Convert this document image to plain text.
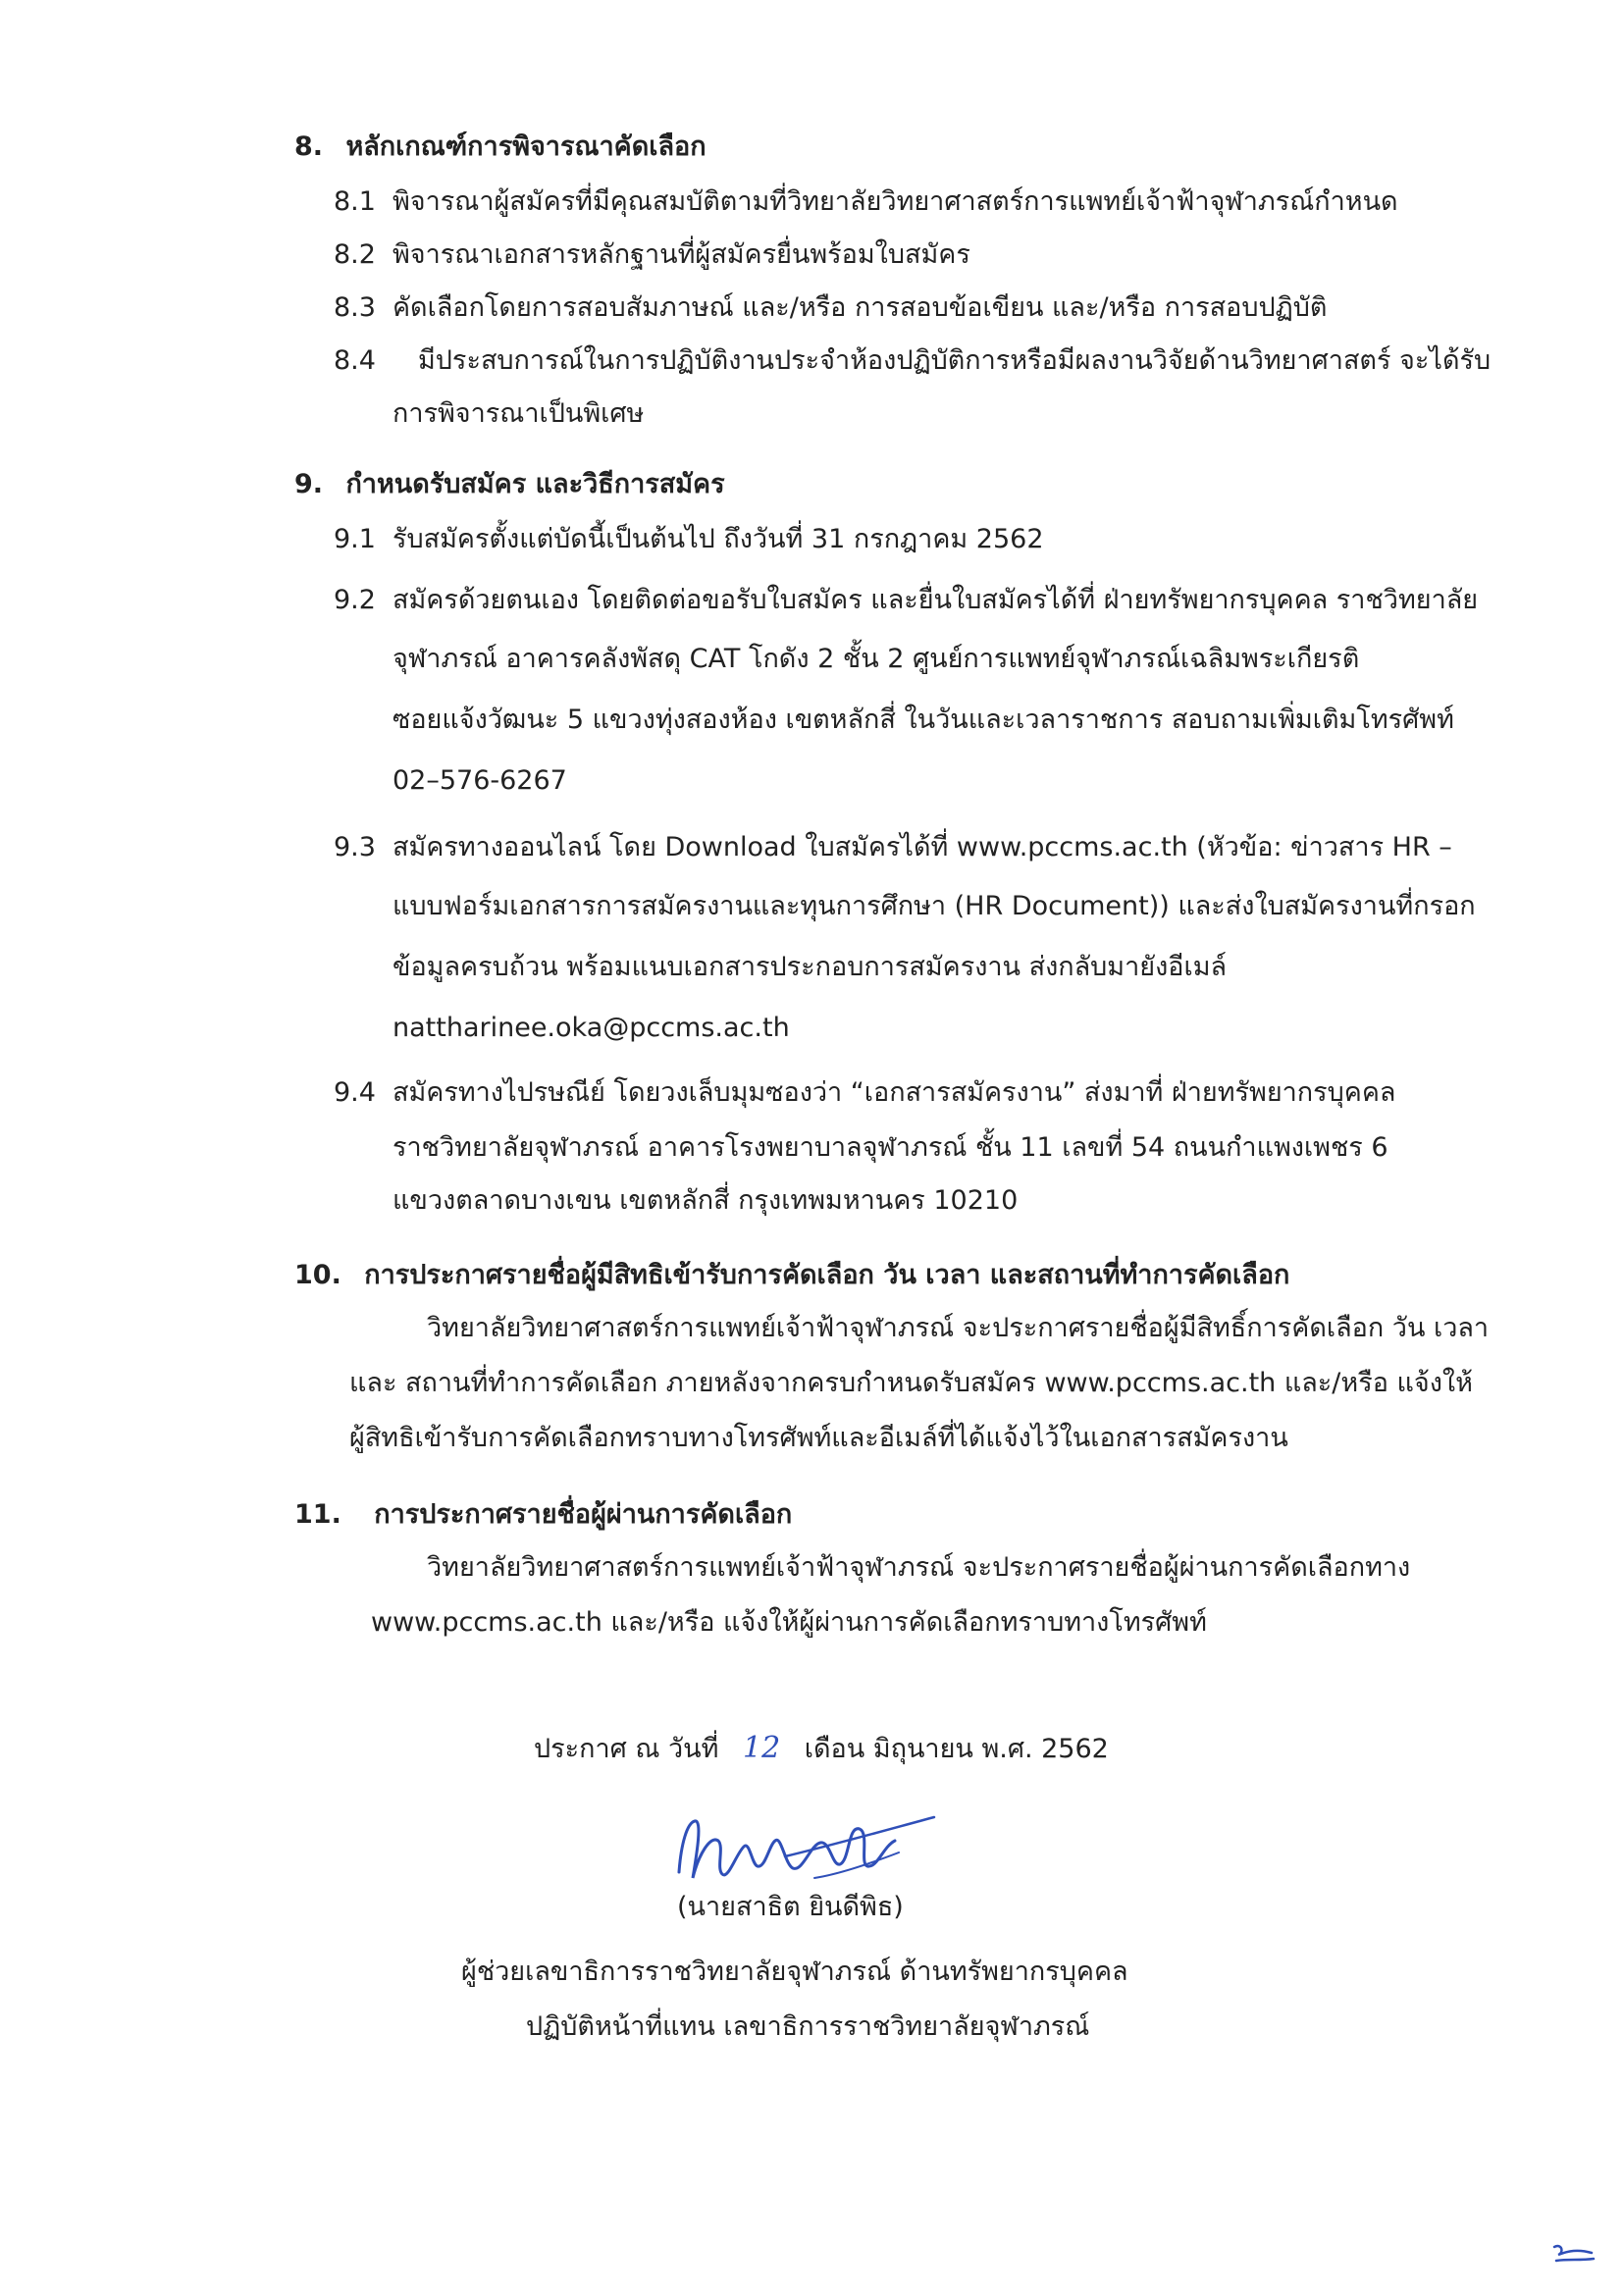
8. หลักเกณฑ์การพิจารณาคัดเลือก
8.1 พิจารณาผู้สมัครที่มีคุณสมบัติตามที่วิทยาลัยวิทยาศาสตร์การแพทย์เจ้าฟ้าจุฬาภรณ์กำหนด
8.2 พิจารณาเอกสารหลักฐานที่ผู้สมัครยื่นพร้อมใบสมัคร
8.3 คัดเลือกโดยการสอบสัมภาษณ์ และ/หรือ การสอบข้อเขียน และ/หรือ การสอบปฏิบัติ
8.4 มีประสบการณ์ในการปฏิบัติงานประจำห้องปฏิบัติการหรือมีผลงานวิจัยด้านวิทยาศาสตร์ จะได้รับ
การพิจารณาเป็นพิเศษ
9. กำหนดรับสมัคร และวิธีการสมัคร
9.1 รับสมัครตั้งแต่บัดนี้เป็นต้นไป ถึงวันที่ 31 กรกฎาคม 2562
9.2 สมัครด้วยตนเอง โดยติดต่อขอรับใบสมัคร และยื่นใบสมัครได้ที่ ฝ่ายทรัพยากรบุคคล ราชวิทยาลัย
จุฬาภรณ์ อาคารคลังพัสดุ CAT โกดัง 2 ชั้น 2 ศูนย์การแพทย์จุฬาภรณ์เฉลิมพระเกียรติ
ซอยแจ้งวัฒนะ 5 แขวงทุ่งสองห้อง เขตหลักสี่ ในวันและเวลาราชการ สอบถามเพิ่มเติมโทรศัพท์
02–576-6267
9.3 สมัครทางออนไลน์ โดย Download ใบสมัครได้ที่ www.pccms.ac.th (หัวข้อ: ข่าวสาร HR –
แบบฟอร์มเอกสารการสมัครงานและทุนการศึกษา (HR Document)) และส่งใบสมัครงานที่กรอก
ข้อมูลครบถ้วน พร้อมแนบเอกสารประกอบการสมัครงาน ส่งกลับมายังอีเมล์
nattharinee.oka@pccms.ac.th
9.4 สมัครทางไปรษณีย์ โดยวงเล็บมุมซองว่า “เอกสารสมัครงาน” ส่งมาที่ ฝ่ายทรัพยากรบุคคล
ราชวิทยาลัยจุฬาภรณ์ อาคารโรงพยาบาลจุฬาภรณ์ ชั้น 11 เลขที่ 54 ถนนกำแพงเพชร 6
แขวงตลาดบางเขน เขตหลักสี่ กรุงเทพมหานคร 10210
10. การประกาศรายชื่อผู้มีสิทธิเข้ารับการคัดเลือก วัน เวลา และสถานที่ทำการคัดเลือก
วิทยาลัยวิทยาศาสตร์การแพทย์เจ้าฟ้าจุฬาภรณ์ จะประกาศรายชื่อผู้มีสิทธิ์การคัดเลือก วัน เวลา
และ สถานที่ทำการคัดเลือก ภายหลังจากครบกำหนดรับสมัคร www.pccms.ac.th และ/หรือ แจ้งให้
ผู้สิทธิเข้ารับการคัดเลือกทราบทางโทรศัพท์และอีเมล์ที่ได้แจ้งไว้ในเอกสารสมัครงาน
11. การประกาศรายชื่อผู้ผ่านการคัดเลือก
วิทยาลัยวิทยาศาสตร์การแพทย์เจ้าฟ้าจุฬาภรณ์ จะประกาศรายชื่อผู้ผ่านการคัดเลือกทาง
www.pccms.ac.th และ/หรือ แจ้งให้ผู้ผ่านการคัดเลือกทราบทางโทรศัพท์
ประกาศ ณ วันที่ 12 เดือน มิถุนายน พ.ศ. 2562
(นายสาธิต ยินดีพิธ)
ผู้ช่วยเลขาธิการราชวิทยาลัยจุฬาภรณ์ ด้านทรัพยากรบุคคล
ปฏิบัติหน้าที่แทน เลขาธิการราชวิทยาลัยจุฬาภรณ์
